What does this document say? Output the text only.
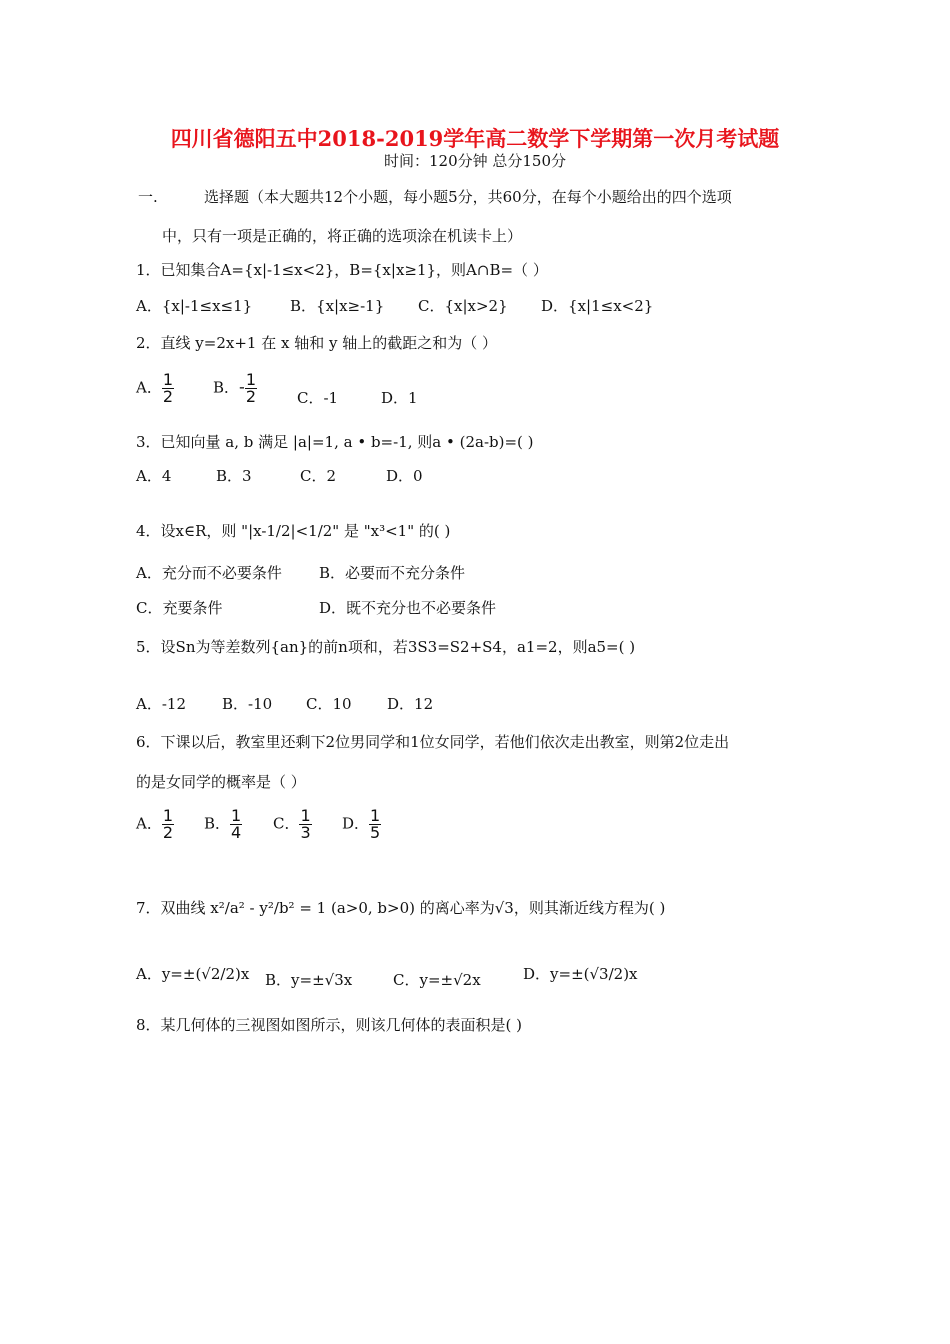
四川省德阳五中2018-2019学年高二数学下学期第一次月考试题
时间：120分钟 总分150分
一.	选择题（本大题共12个小题，每小题5分，共60分，在每个小题给出的四个选项
中，只有一项是正确的，将正确的选项涂在机读卡上）
1．已知集合A={x|-1≤x<2}，B={x|x≥1}，则A∩B=（ ）
A．{x|-1≤x≤1}	B．{x|x≥-1} C．{x|x>2} D．{x|1≤x<2}
2．直线 y=2x+1 在 x 轴和 y 轴上的截距之和为（ ）
A． $\frac{1}{2}$	B．- $\frac{1}{2}$	C．-1	D．1
3．已知向量 a, b 满足 |a|=1, a • b=-1, 则a • (2a-b)=( )
A．4	B．3	C．2	D．0
4．设x∈R，则 "|x-1/2|<1/2" 是 "x³<1" 的( )
A．充分而不必要条件 B．必要而不充分条件
C．充要条件	D．既不充分也不必要条件
5．设Sn为等差数列{an}的前n项和，若3S3=S2+S4，a1=2，则a5=( )
A．-12 B．-10 C．10 D．12
6．下课以后，教室里还剩下2位男同学和1位女同学，若他们依次走出教室，则第2位走出
的是女同学的概率是（ ）
A． $\frac{1}{2}$ B． $\frac{1}{4}$ C． $\frac{1}{3}$ D． $\frac{1}{5}$
7．双曲线 x²/a² - y²/b² = 1 (a>0, b>0) 的离心率为√3，则其渐近线方程为( )
A．y=±(√2/2)x B．y=±√3x	C．y=±√2x	D．y=±(√3/2)x
8．某几何体的三视图如图所示，则该几何体的表面积是( )
